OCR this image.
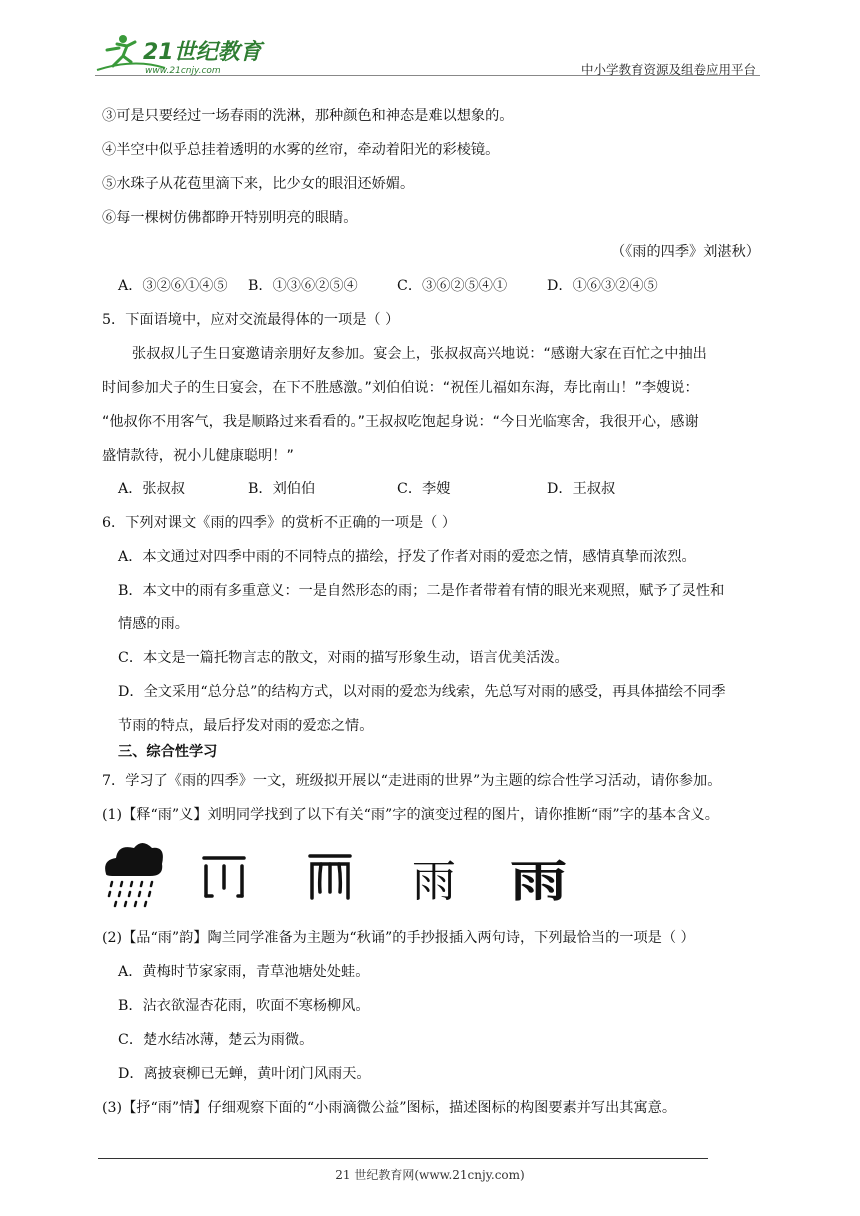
21世纪教育
www.21cnjy.com	中小学教育资源及组卷应用平台
③可是只要经过一场春雨的洗淋，那种颜色和神态是难以想象的。
④半空中似乎总挂着透明的水雾的丝帘，牵动着阳光的彩棱镜。
⑤水珠子从花苞里滴下来，比少女的眼泪还娇媚。
⑥每一棵树仿佛都睁开特别明亮的眼睛。
（《雨的四季》刘湛秋）
A．③②⑥①④⑤ B．①③⑥②⑤④	C．③⑥②⑤④①	D．①⑥③②④⑤
5．下面语境中，应对交流最得体的一项是（ ）
张叔叔儿子生日宴邀请亲朋好友参加。宴会上，张叔叔高兴地说：“感谢大家在百忙之中抽出
时间参加犬子的生日宴会，在下不胜感激。”刘伯伯说：“祝侄儿福如东海，寿比南山！”李嫂说：
“他叔你不用客气，我是顺路过来看看的。”王叔叔吃饱起身说：“今日光临寒舍，我很开心，感谢
盛情款待，祝小儿健康聪明！”
A．张叔叔	B．刘伯伯	C．李嫂	D．王叔叔
6．下列对课文《雨的四季》的赏析不正确的一项是（ ）
A．本文通过对四季中雨的不同特点的描绘，抒发了作者对雨的爱恋之情，感情真挚而浓烈。
B．本文中的雨有多重意义：一是自然形态的雨；二是作者带着有情的眼光来观照，赋予了灵性和
情感的雨。
C．本文是一篇托物言志的散文，对雨的描写形象生动，语言优美活泼。
D．全文采用“总分总”的结构方式，以对雨的爱恋为线索，先总写对雨的感受，再具体描绘不同季
节雨的特点，最后抒发对雨的爱恋之情。
三、综合性学习
7．学习了《雨的四季》一文，班级拟开展以“走进雨的世界”为主题的综合性学习活动，请你参加。
(1)【释“雨”义】刘明同学找到了以下有关“雨”字的演变过程的图片，请你推断“雨”字的基本含义。
雨 雨
(2)【品“雨”韵】陶兰同学准备为主题为“秋诵”的手抄报插入两句诗，下列最恰当的一项是（ ）
A．黄梅时节家家雨，青草池塘处处蛙。
B．沾衣欲湿杏花雨，吹面不寒杨柳风。
C．楚水结冰薄，楚云为雨微。
D．离披衰柳已无蝉，黄叶闭门风雨天。
(3)【抒“雨”情】仔细观察下面的“小雨滴微公益”图标，描述图标的构图要素并写出其寓意。
21 世纪教育网(www.21cnjy.com)
